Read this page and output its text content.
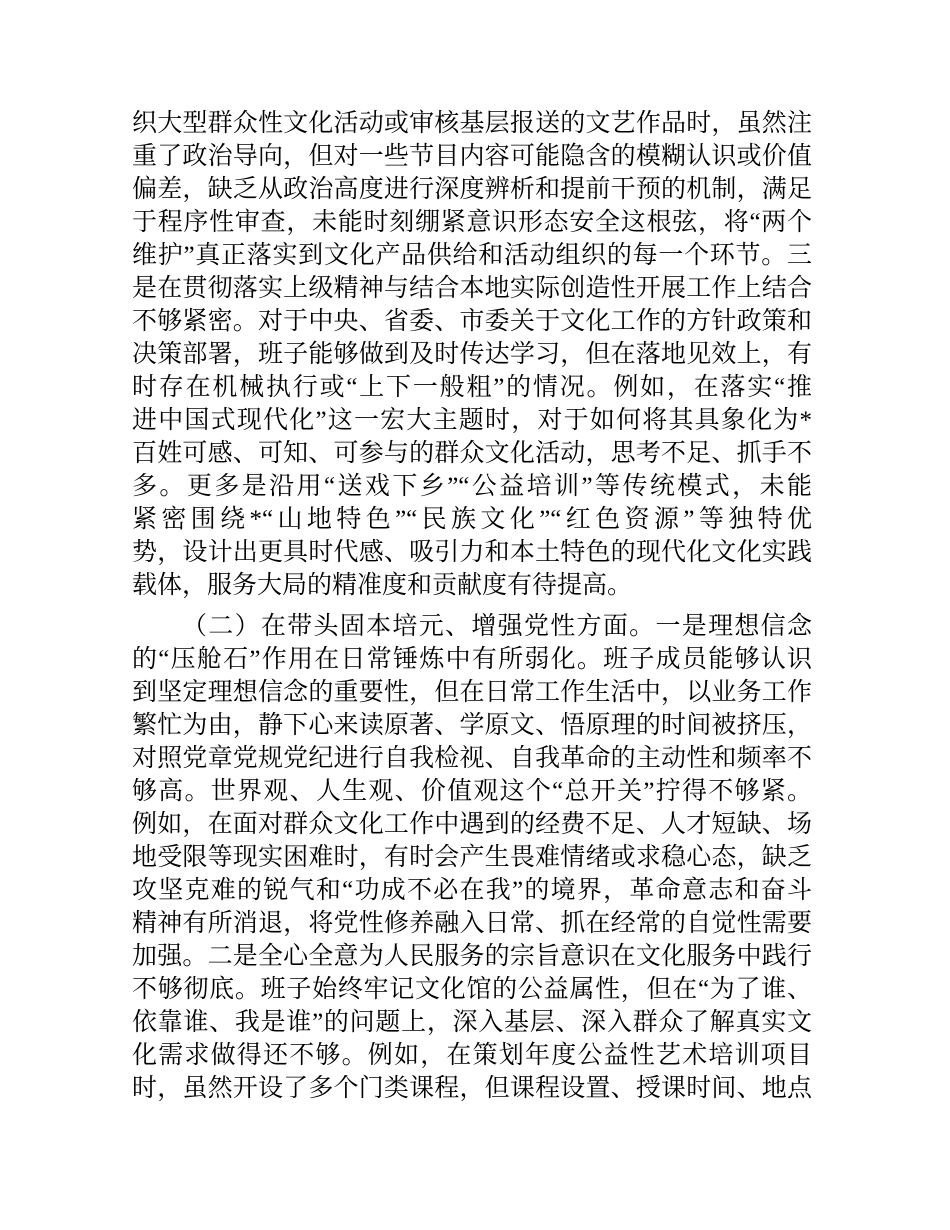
织大型群众性文化活动或审核基层报送的文艺作品时，虽然注
重了政治导向，但对一些节目内容可能隐含的模糊认识或价值
偏差，缺乏从政治高度进行深度辨析和提前干预的机制，满足
于程序性审查，未能时刻绷紧意识形态安全这根弦，将“两个
维护”真正落实到文化产品供给和活动组织的每一个环节。三
是在贯彻落实上级精神与结合本地实际创造性开展工作上结合
不够紧密。对于中央、省委、市委关于文化工作的方针政策和
决策部署，班子能够做到及时传达学习，但在落地见效上，有
时存在机械执行或“上下一般粗”的情况。例如，在落实“推
进中国式现代化”这一宏大主题时，对于如何将其具象化为*
百姓可感、可知、可参与的群众文化活动，思考不足、抓手不
多。更多是沿用“送戏下乡”“公益培训”等传统模式，未能
紧密围绕*“山地特色”“民族文化”“红色资源”等独特优
势，设计出更具时代感、吸引力和本土特色的现代化文化实践
载体，服务大局的精准度和贡献度有待提高。
（二）在带头固本培元、增强党性方面。一是理想信念
的“压舱石”作用在日常锤炼中有所弱化。班子成员能够认识
到坚定理想信念的重要性，但在日常工作生活中，以业务工作
繁忙为由，静下心来读原著、学原文、悟原理的时间被挤压，
对照党章党规党纪进行自我检视、自我革命的主动性和频率不
够高。世界观、人生观、价值观这个“总开关”拧得不够紧。
例如，在面对群众文化工作中遇到的经费不足、人才短缺、场
地受限等现实困难时，有时会产生畏难情绪或求稳心态，缺乏
攻坚克难的锐气和“功成不必在我”的境界，革命意志和奋斗
精神有所消退，将党性修养融入日常、抓在经常的自觉性需要
加强。二是全心全意为人民服务的宗旨意识在文化服务中践行
不够彻底。班子始终牢记文化馆的公益属性，但在“为了谁、
依靠谁、我是谁”的问题上，深入基层、深入群众了解真实文
化需求做得还不够。例如，在策划年度公益性艺术培训项目
时，虽然开设了多个门类课程，但课程设置、授课时间、地点
